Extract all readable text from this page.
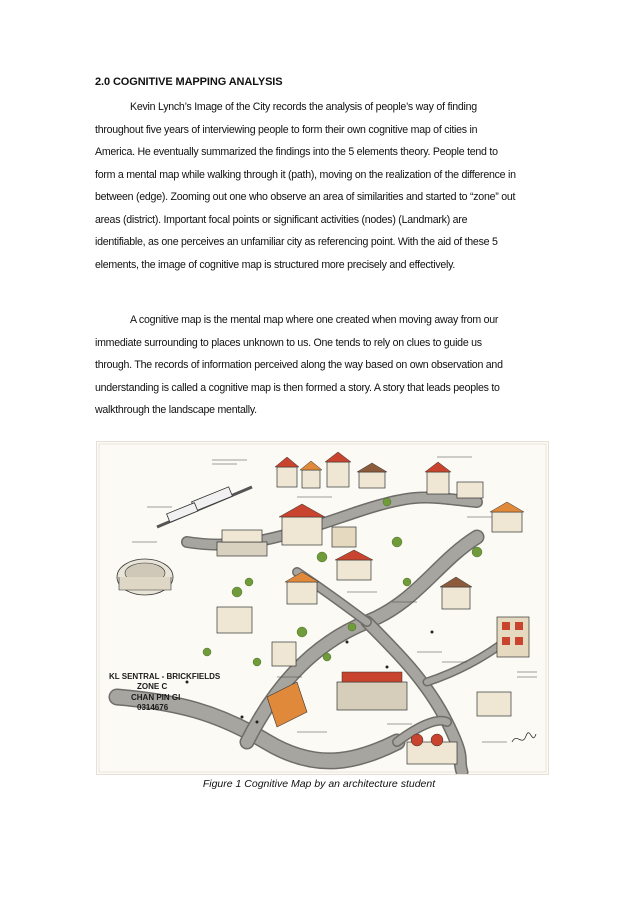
2.0 COGNITIVE MAPPING ANALYSIS

Kevin Lynch’s Image of the City records the analysis of people’s way of finding
throughout five years of interviewing people to form their own cognitive map of cities in
America. He eventually summarized the findings into the 5 elements theory. People tend to
form a mental map while walking through it (path), moving on the realization of the difference in
between (edge). Zooming out one who observe an area of similarities and started to “zone” out
areas (district). Important focal points or significant activities (nodes) (Landmark) are
identifiable, as one perceives an unfamiliar city as referencing point. With the aid of these 5
elements, the image of cognitive map is structured more precisely and effectively.

A cognitive map is the mental map where one created when moving away from our
immediate surrounding to places unknown to us. One tends to rely on clues to guide us
through. The records of information perceived along the way based on own observation and
understanding is called a cognitive map is then formed a story. A story that leads peoples to
walkthrough the landscape mentally.

KL SENTRAL - BRICKFIELDS
ZONE C
CHAN PIN GI
0314676
Figure 1 Cognitive Map by an architecture student
